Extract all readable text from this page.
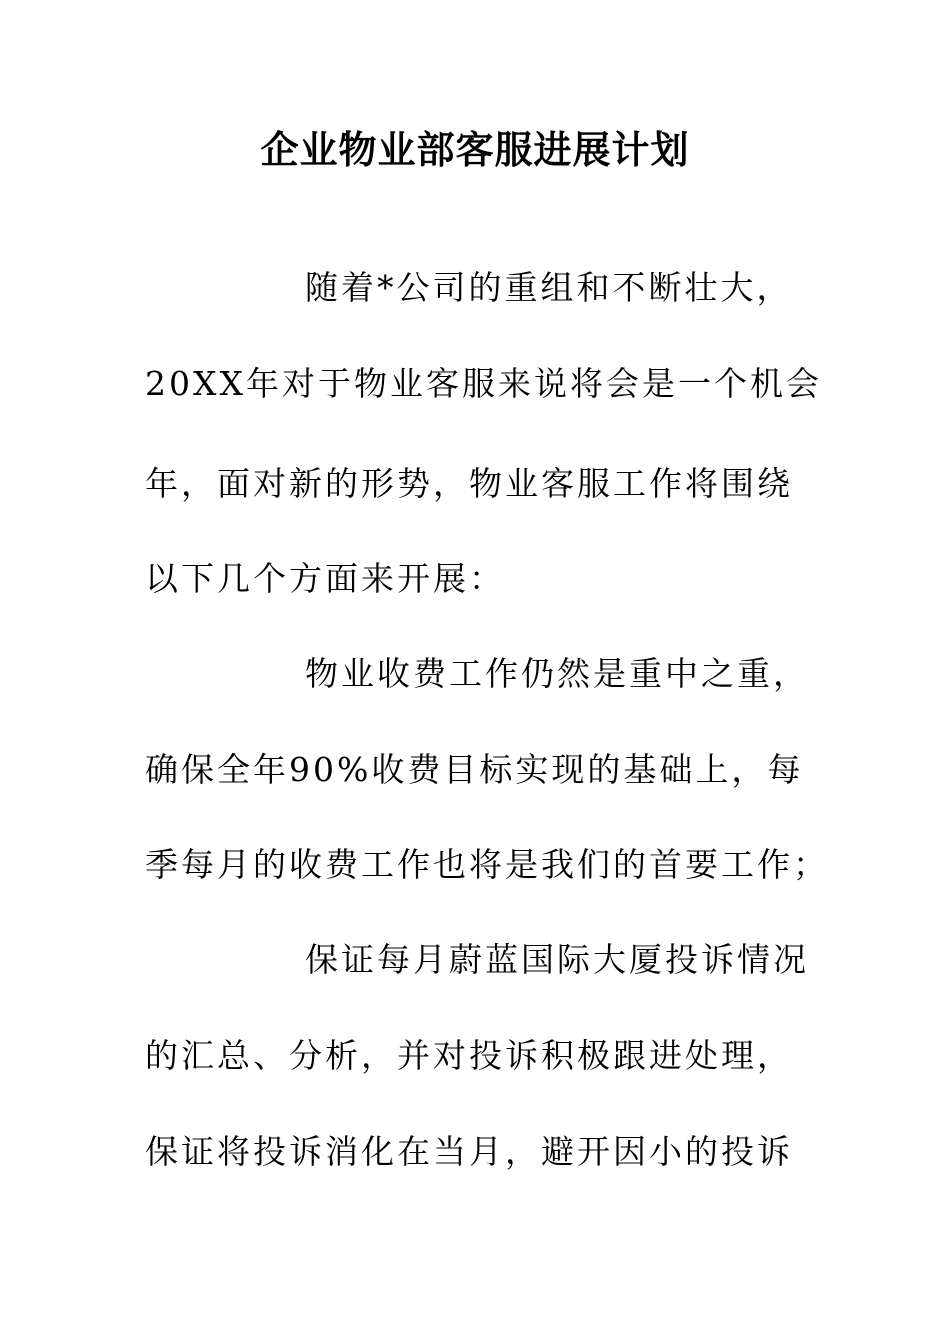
企业物业部客服进展计划
随着*公司的重组和不断壮大，
20XX年对于物业客服来说将会是一个机会
年，面对新的形势，物业客服工作将围绕
以下几个方面来开展：
物业收费工作仍然是重中之重，
确保全年90%收费目标实现的基础上，每
季每月的收费工作也将是我们的首要工作；
保证每月蔚蓝国际大厦投诉情况
的汇总、分析，并对投诉积极跟进处理，
保证将投诉消化在当月，避开因小的投诉
